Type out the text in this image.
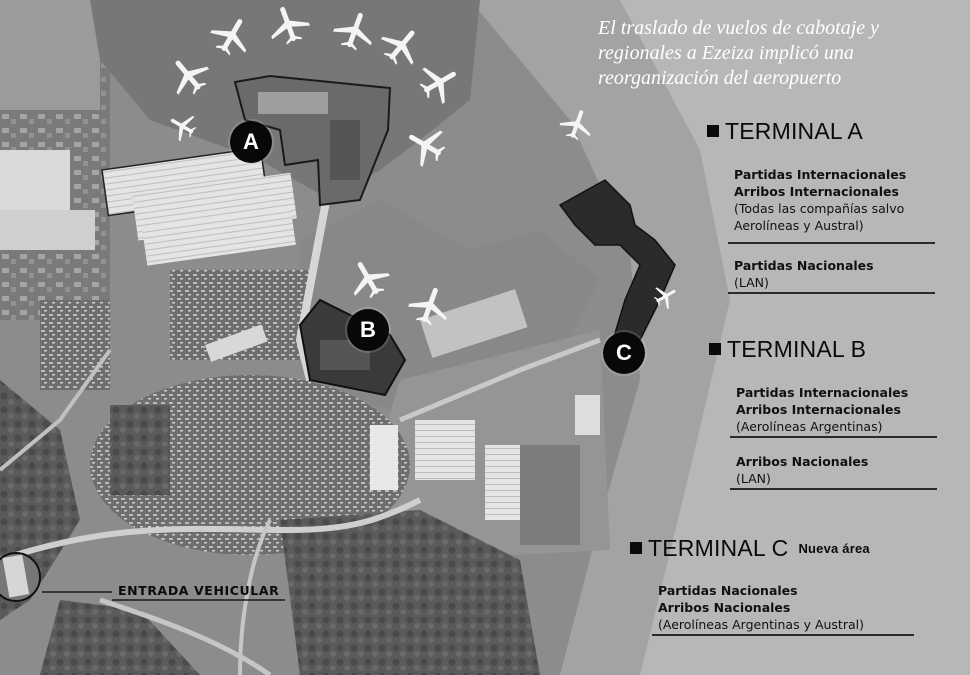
A
B
C
El traslado de vuelos de cabotaje y
regionales a Ezeiza implicó una
reorganización del aeropuerto
TERMINAL A
Partidas Internacionales
Arribos Internacionales
(Todas las compañías salvo
Aerolíneas y Austral)
Partidas Nacionales
(LAN)
TERMINAL B
Partidas Internacionales
Arribos Internacionales
(Aerolíneas Argentinas)
Arribos Nacionales
(LAN)
TERMINAL C Nueva área
Partidas Nacionales
Arribos Nacionales
(Aerolíneas Argentinas y Austral)
ENTRADA VEHICULAR
